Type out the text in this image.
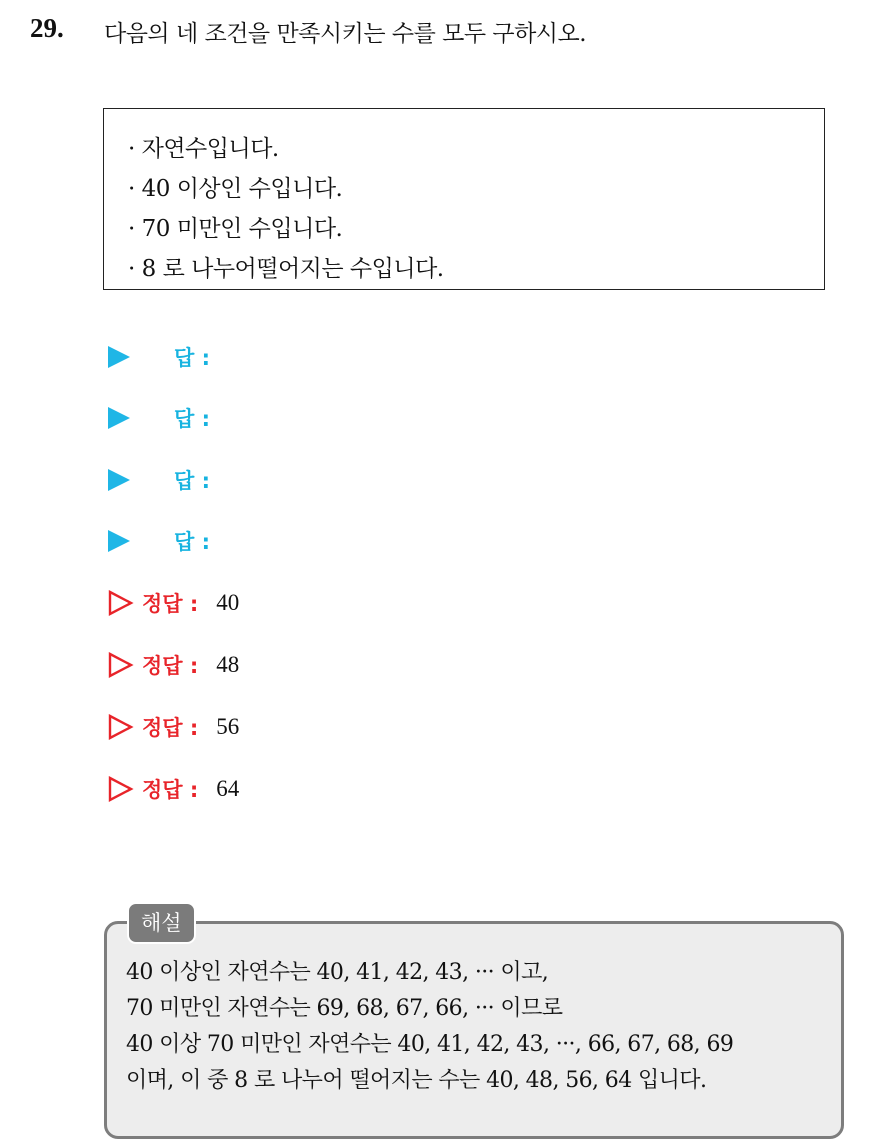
29. 다음의 네 조건을 만족시키는 수를 모두 구하시오.
· 자연수입니다.
· 40 이상인 수입니다.
· 70 미만인 수입니다.
· 8 로 나누어떨어지는 수입니다.
답 :
답 :
답 :
답 :
정답 : 40
정답 : 48
정답 : 56
정답 : 64
해설
40 이상인 자연수는 40, 41, 42, 43, ··· 이고,
70 미만인 자연수는 69, 68, 67, 66, ··· 이므로
40 이상 70 미만인 자연수는 40, 41, 42, 43, ···, 66, 67, 68, 69
이며, 이 중 8 로 나누어 떨어지는 수는 40, 48, 56, 64 입니다.
